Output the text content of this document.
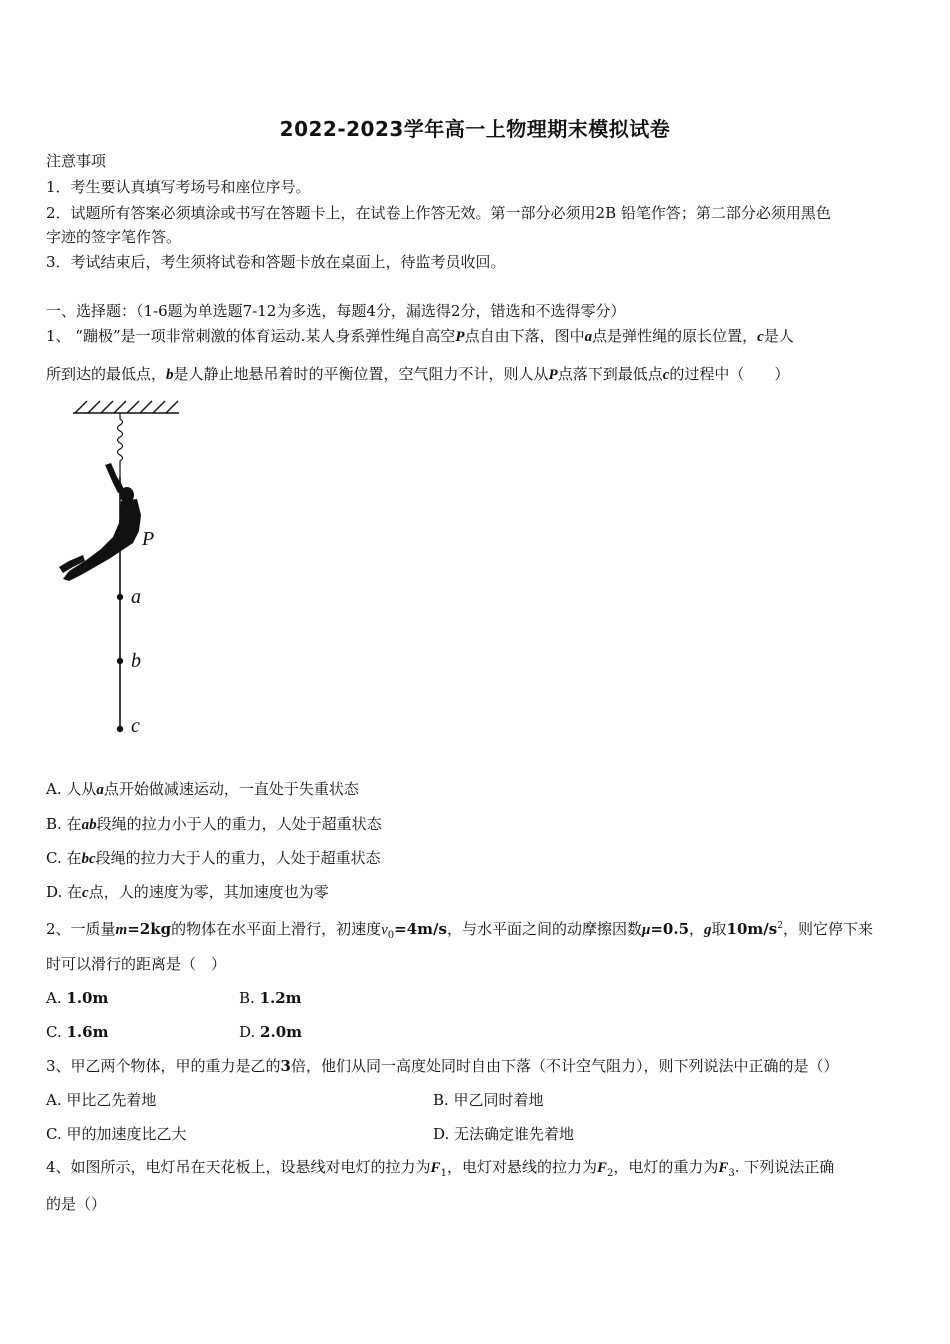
2022-2023学年高一上物理期末模拟试卷
注意事项
1．考生要认真填写考场号和座位序号。
2．试题所有答案必须填涂或书写在答题卡上，在试卷上作答无效。第一部分必须用2B 铅笔作答；第二部分必须用黑色
字迹的签字笔作答。
3．考试结束后，考生须将试卷和答题卡放在桌面上，待监考员收回。
一、选择题：（1-6题为单选题7-12为多选，每题4分，漏选得2分，错选和不选得零分）
1、 “蹦极”是一项非常刺激的体育运动.某人身系弹性绳自高空P点自由下落，图中a点是弹性绳的原长位置，c是人
所到达的最低点，b是人静止地悬吊着时的平衡位置，空气阻力不计，则人从P点落下到最低点c的过程中（　　）
P
a
b
c
A. 人从a点开始做减速运动，一直处于失重状态
B. 在ab段绳的拉力小于人的重力，人处于超重状态
C. 在bc段绳的拉力大于人的重力，人处于超重状态
D. 在c点，人的速度为零，其加速度也为零
2、一质量m=2kg的物体在水平面上滑行，初速度$v_0=4m/s$，与水平面之间的动摩擦因数μ=0.5，g取$10m/s^2$，则它停下来
时可以滑行的距离是（　）
A. 1.0m	B. 1.2m
C. 1.6m	D. 2.0m
3、甲乙两个物体，甲的重力是乙的3倍，他们从同一高度处同时自由下落（不计空气阻力），则下列说法中正确的是（）
A. 甲比乙先着地	B. 甲乙同时着地
C. 甲的加速度比乙大	D. 无法确定谁先着地
4、如图所示，电灯吊在天花板上，设悬线对电灯的拉力为$F_1$，电灯对悬线的拉力为$F_2$，电灯的重力为$F_3$. 下列说法正确
的是（）
